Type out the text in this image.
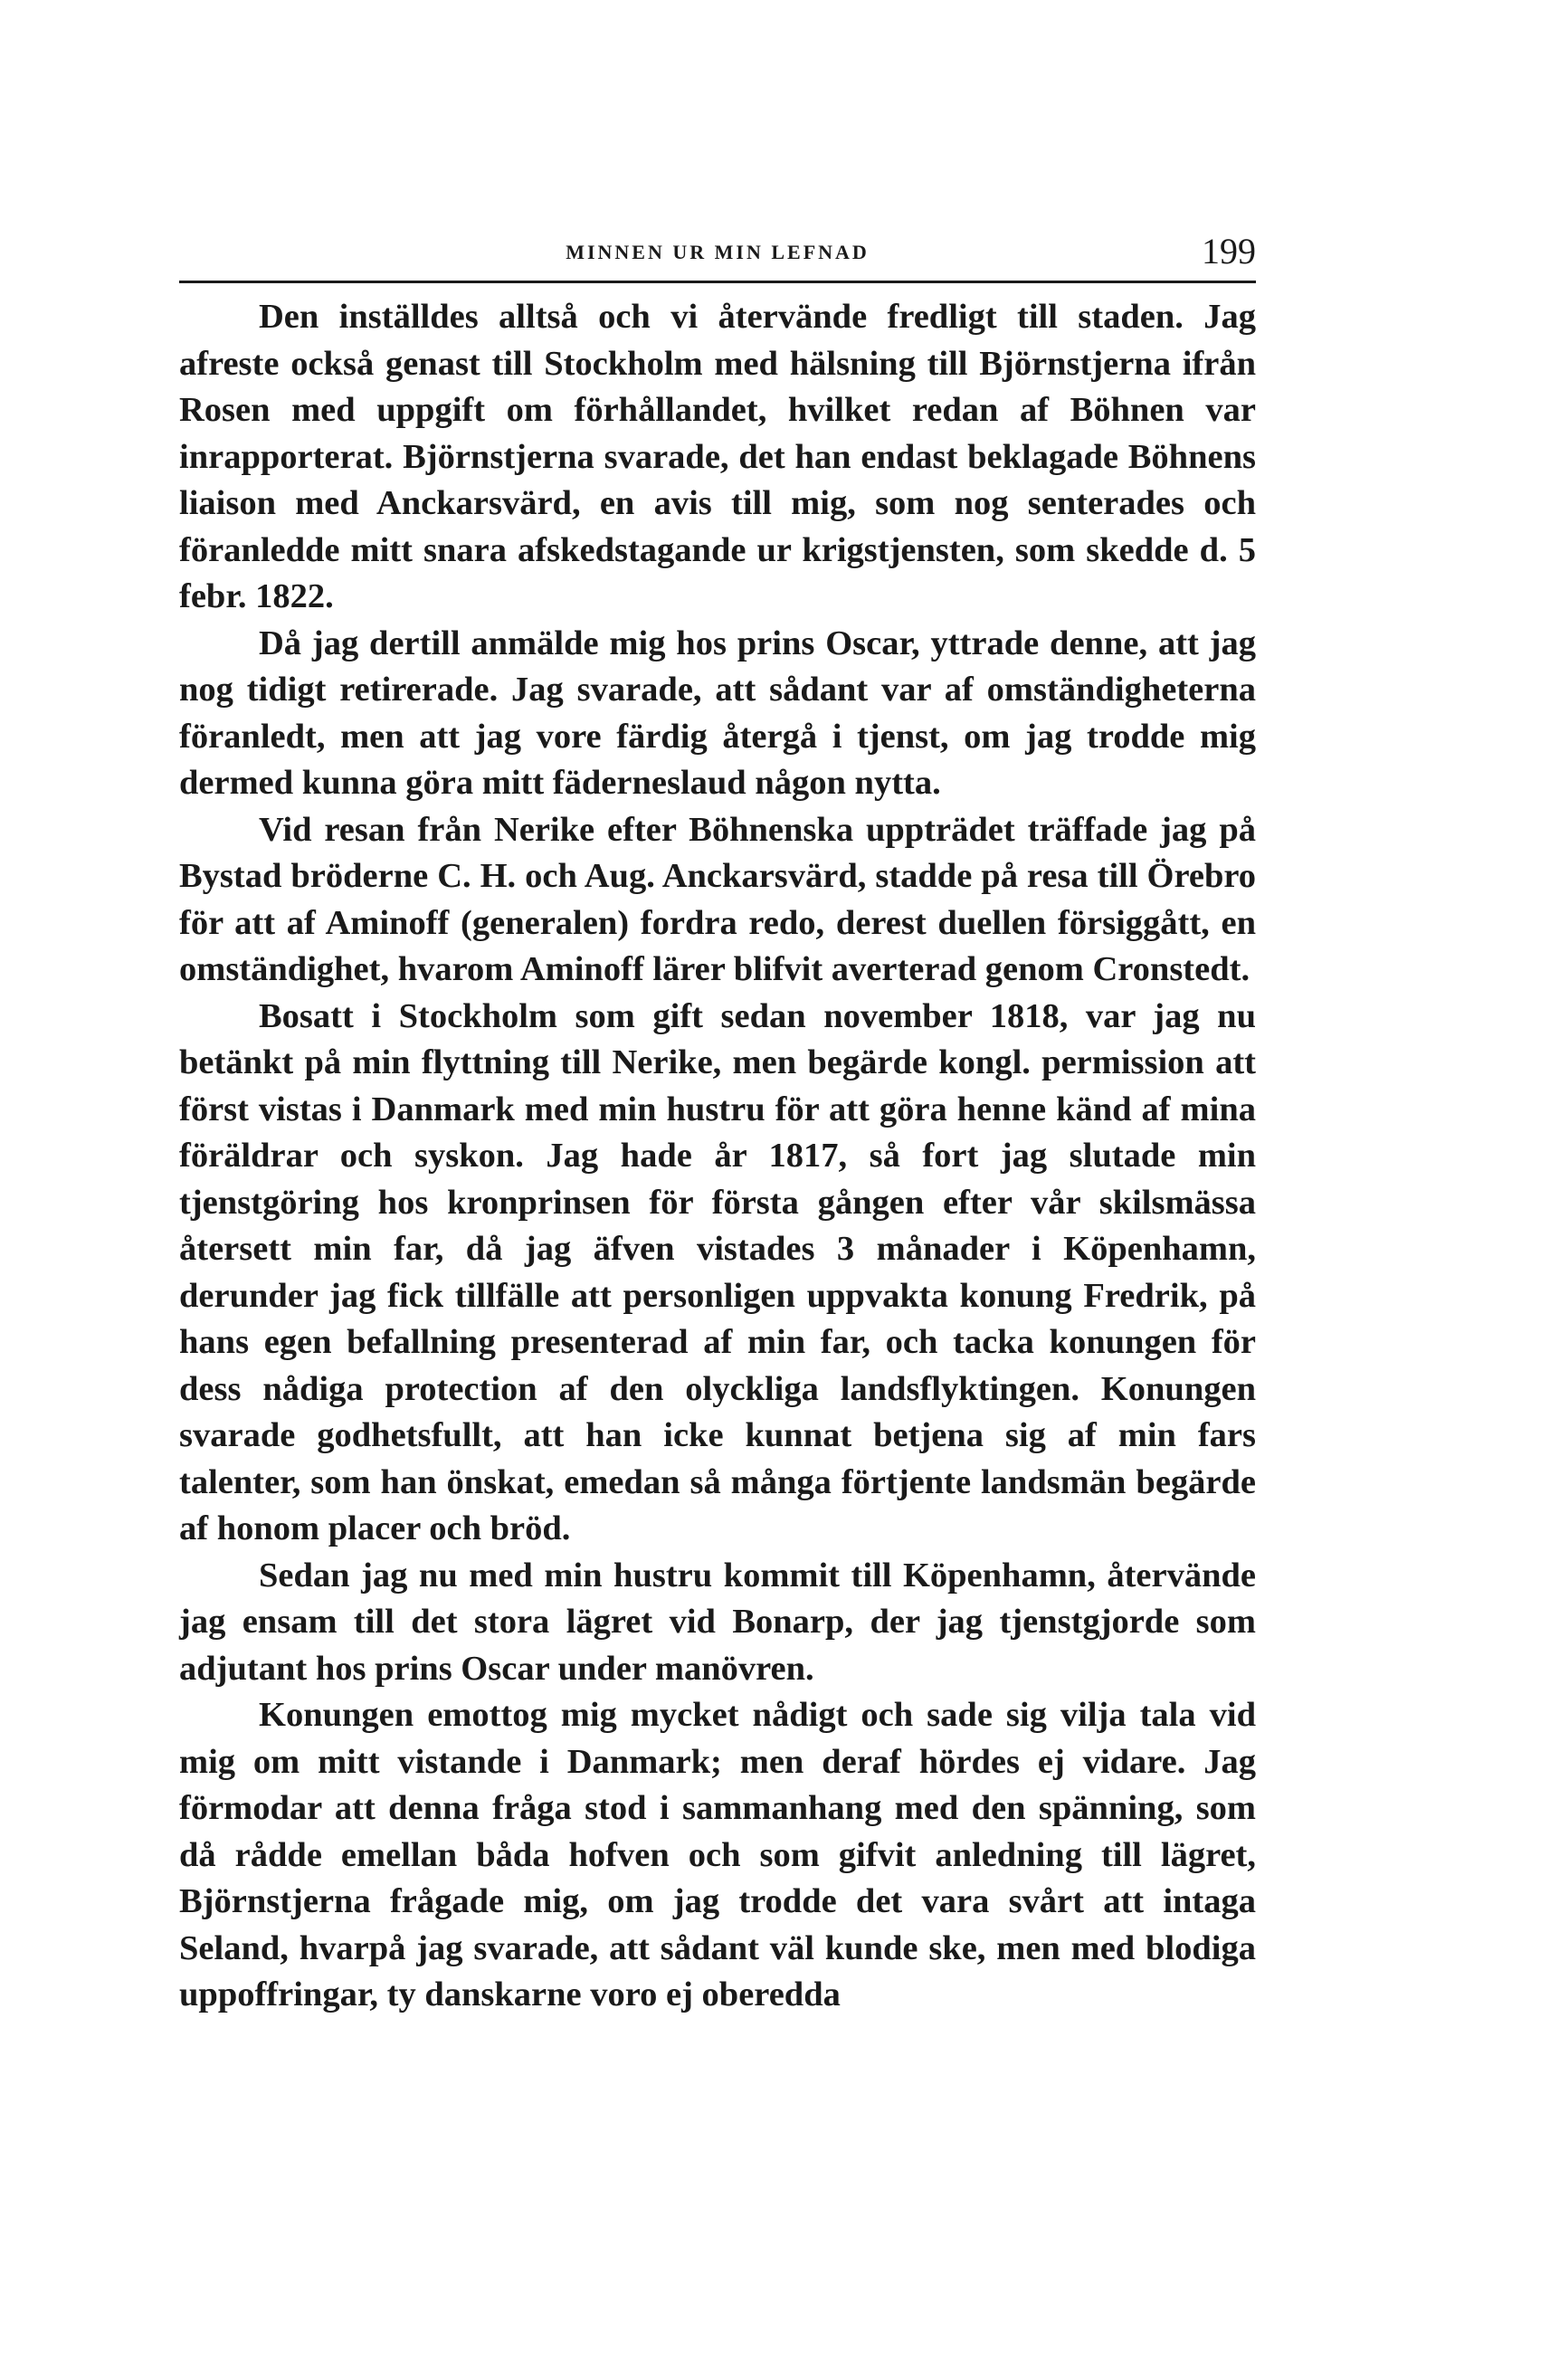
MINNEN UR MIN LEFNAD	199

Den inställdes alltså och vi återvände fredligt till staden. Jag afreste också genast till Stockholm med hälsning till Björnstjerna ifrån Rosen med uppgift om förhållandet, hvilket redan af Böhnen var inrapporterat. Björnstjerna svarade, det han endast beklagade Böhnens liaison med Anckarsvärd, en avis till mig, som nog senterades och föranledde mitt snara afskedstagande ur krigstjensten, som skedde d. 5 febr. 1822.

Då jag dertill anmälde mig hos prins Oscar, yttrade denne, att jag nog tidigt retirerade. Jag svarade, att sådant var af omständigheterna föranledt, men att jag vore färdig återgå i tjenst, om jag trodde mig dermed kunna göra mitt fäderneslaud någon nytta.

Vid resan från Nerike efter Böhnenska uppträdet träffade jag på Bystad bröderne C. H. och Aug. Anckarsvärd, stadde på resa till Örebro för att af Aminoff (generalen) fordra redo, derest duellen försiggått, en omständighet, hvarom Aminoff lärer blifvit averterad genom Cronstedt.

Bosatt i Stockholm som gift sedan november 1818, var jag nu betänkt på min flyttning till Nerike, men begärde kongl. permission att först vistas i Danmark med min hustru för att göra henne känd af mina föräldrar och syskon. Jag hade år 1817, så fort jag slutade min tjenstgöring hos kronprinsen för första gången efter vår skilsmässa återsett min far, då jag äfven vistades 3 månader i Köpenhamn, derunder jag fick tillfälle att personligen uppvakta konung Fredrik, på hans egen befallning presenterad af min far, och tacka konungen för dess nådiga protection af den olyckliga landsflyktingen. Konungen svarade godhetsfullt, att han icke kunnat betjena sig af min fars talenter, som han önskat, emedan så många förtjente landsmän begärde af honom placer och bröd.

Sedan jag nu med min hustru kommit till Köpenhamn, återvände jag ensam till det stora lägret vid Bonarp, der jag tjenstgjorde som adjutant hos prins Oscar under manövren.

Konungen emottog mig mycket nådigt och sade sig vilja tala vid mig om mitt vistande i Danmark; men deraf hördes ej vidare. Jag förmodar att denna fråga stod i sammanhang med den spänning, som då rådde emellan båda hofven och som gifvit anledning till lägret, Björnstjerna frågade mig, om jag trodde det vara svårt att intaga Seland, hvarpå jag svarade, att sådant väl kunde ske, men med blodiga uppoffringar, ty danskarne voro ej oberedda
